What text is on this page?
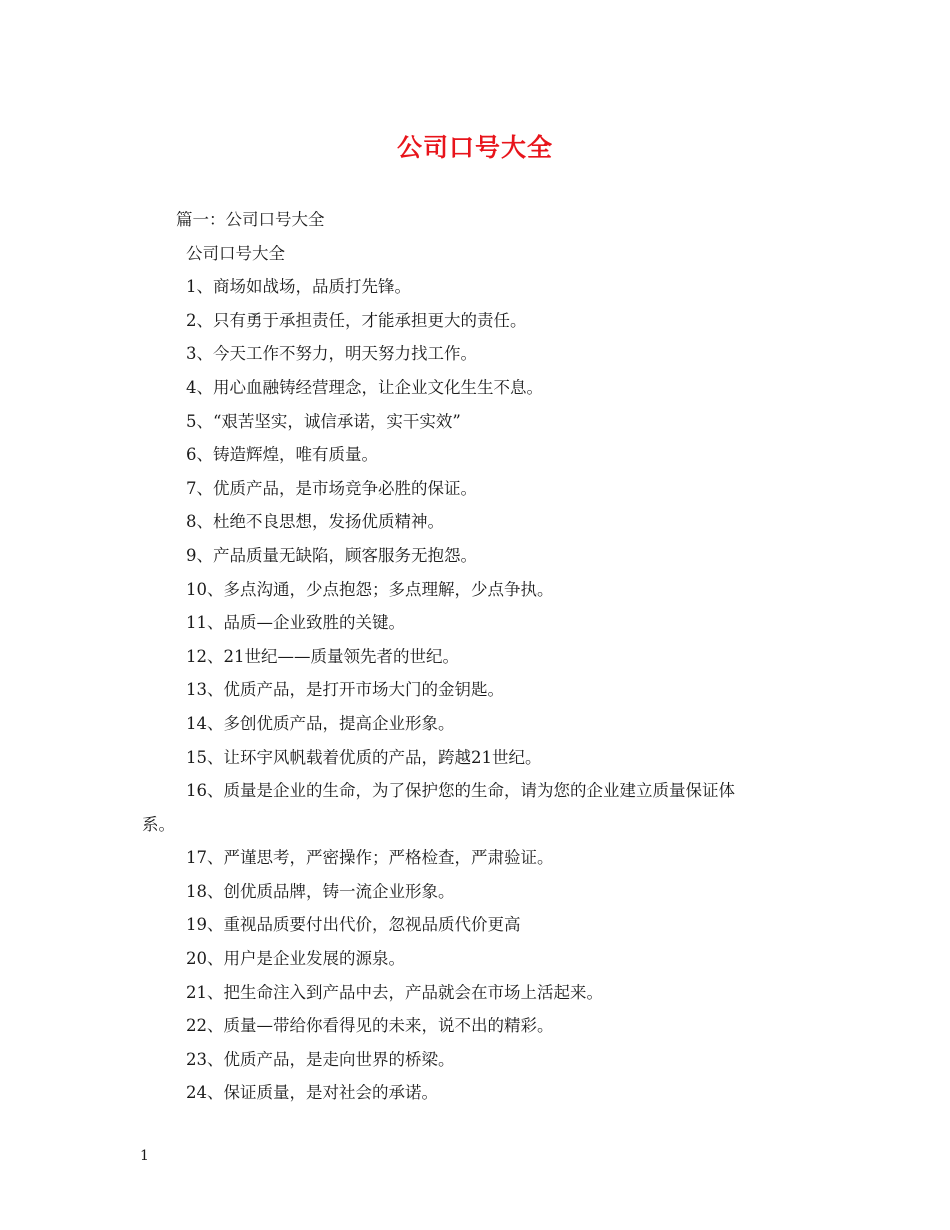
公司口号大全
篇一：公司口号大全
公司口号大全
1、商场如战场，品质打先锋。
2、只有勇于承担责任，才能承担更大的责任。
3、今天工作不努力，明天努力找工作。
4、用心血融铸经营理念，让企业文化生生不息。
5、“艰苦坚实，诚信承诺，实干实效”
6、铸造辉煌，唯有质量。
7、优质产品，是市场竞争必胜的保证。
8、杜绝不良思想，发扬优质精神。
9、产品质量无缺陷，顾客服务无抱怨。
10、多点沟通，少点抱怨；多点理解，少点争执。
11、品质—企业致胜的关键。
12、21世纪——质量领先者的世纪。
13、优质产品，是打开市场大门的金钥匙。
14、多创优质产品，提高企业形象。
15、让环宇风帆载着优质的产品，跨越21世纪。
16、质量是企业的生命，为了保护您的生命，请为您的企业建立质量保证体
系。
17、严谨思考，严密操作；严格检查，严肃验证。
18、创优质品牌，铸一流企业形象。
19、重视品质要付出代价，忽视品质代价更高
20、用户是企业发展的源泉。
21、把生命注入到产品中去，产品就会在市场上活起来。
22、质量—带给你看得见的未来，说不出的精彩。
23、优质产品，是走向世界的桥梁。
24、保证质量，是对社会的承诺。
1
